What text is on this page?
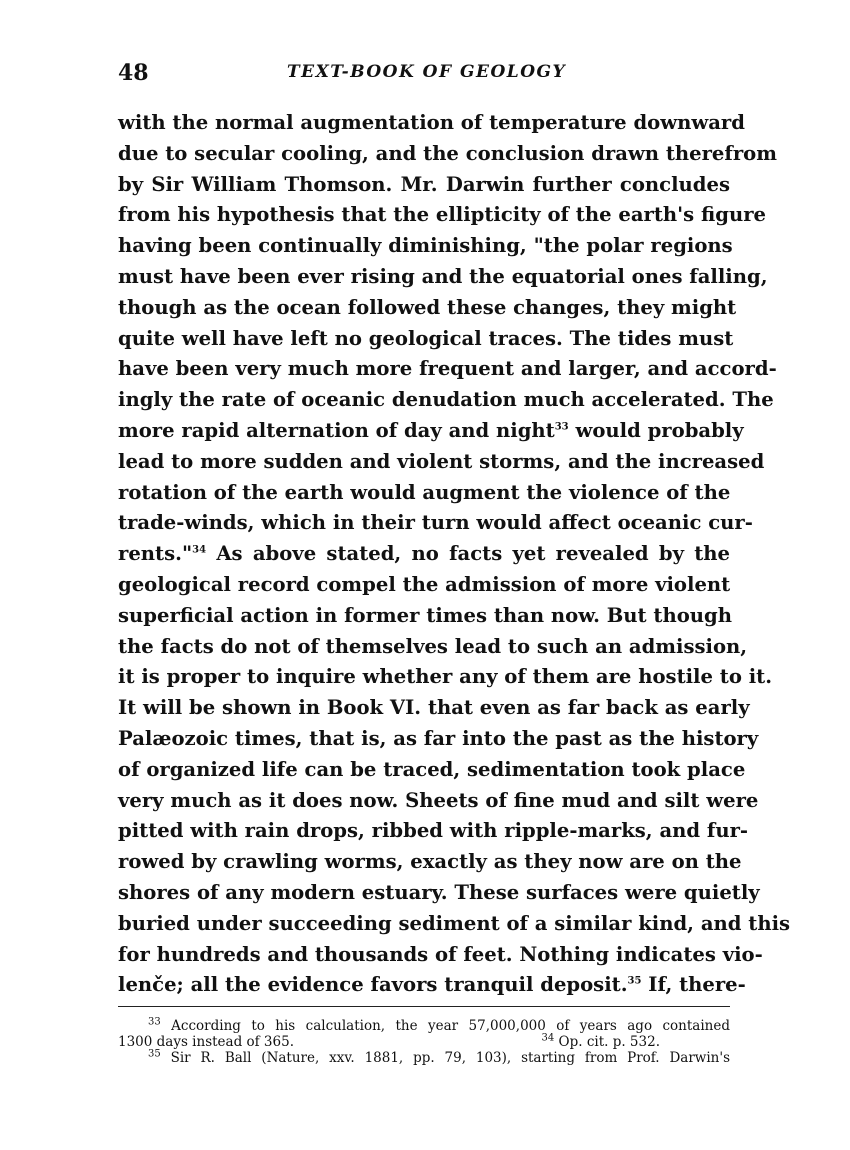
48	TEXT-BOOK OF GEOLOGY
with the normal augmentation of temperature downward
due to secular cooling, and the conclusion drawn therefrom
by Sir William Thomson. Mr. Darwin further concludes
from his hypothesis that the ellipticity of the earth's figure
having been continually diminishing, "the polar regions
must have been ever rising and the equatorial ones falling,
though as the ocean followed these changes, they might
quite well have left no geological traces. The tides must
have been very much more frequent and larger, and accord-
ingly the rate of oceanic denudation much accelerated. The
more rapid alternation of day and night$^{33}$ would probably
lead to more sudden and violent storms, and the increased
rotation of the earth would augment the violence of the
trade-winds, which in their turn would affect oceanic cur-
rents."$^{34}$ As above stated, no facts yet revealed by the
geological record compel the admission of more violent
superficial action in former times than now. But though
the facts do not of themselves lead to such an admission,
it is proper to inquire whether any of them are hostile to it.
It will be shown in Book VI. that even as far back as early
Palæozoic times, that is, as far into the past as the history
of organized life can be traced, sedimentation took place
very much as it does now. Sheets of fine mud and silt were
pitted with rain drops, ribbed with ripple-marks, and fur-
rowed by crawling worms, exactly as they now are on the
shores of any modern estuary. These surfaces were quietly
buried under succeeding sediment of a similar kind, and this
for hundreds and thousands of feet. Nothing indicates vio-
lenče; all the evidence favors tranquil deposit.$^{35}$ If, there-
$^{33}$ According to his calculation, the year 57,000,000 of years ago contained
1300 days instead of 365.	$^{34}$ Op. cit. p. 532.
$^{35}$ Sir R. Ball (Nature, xxv. 1881, pp. 79, 103), starting from Prof. Darwin's
